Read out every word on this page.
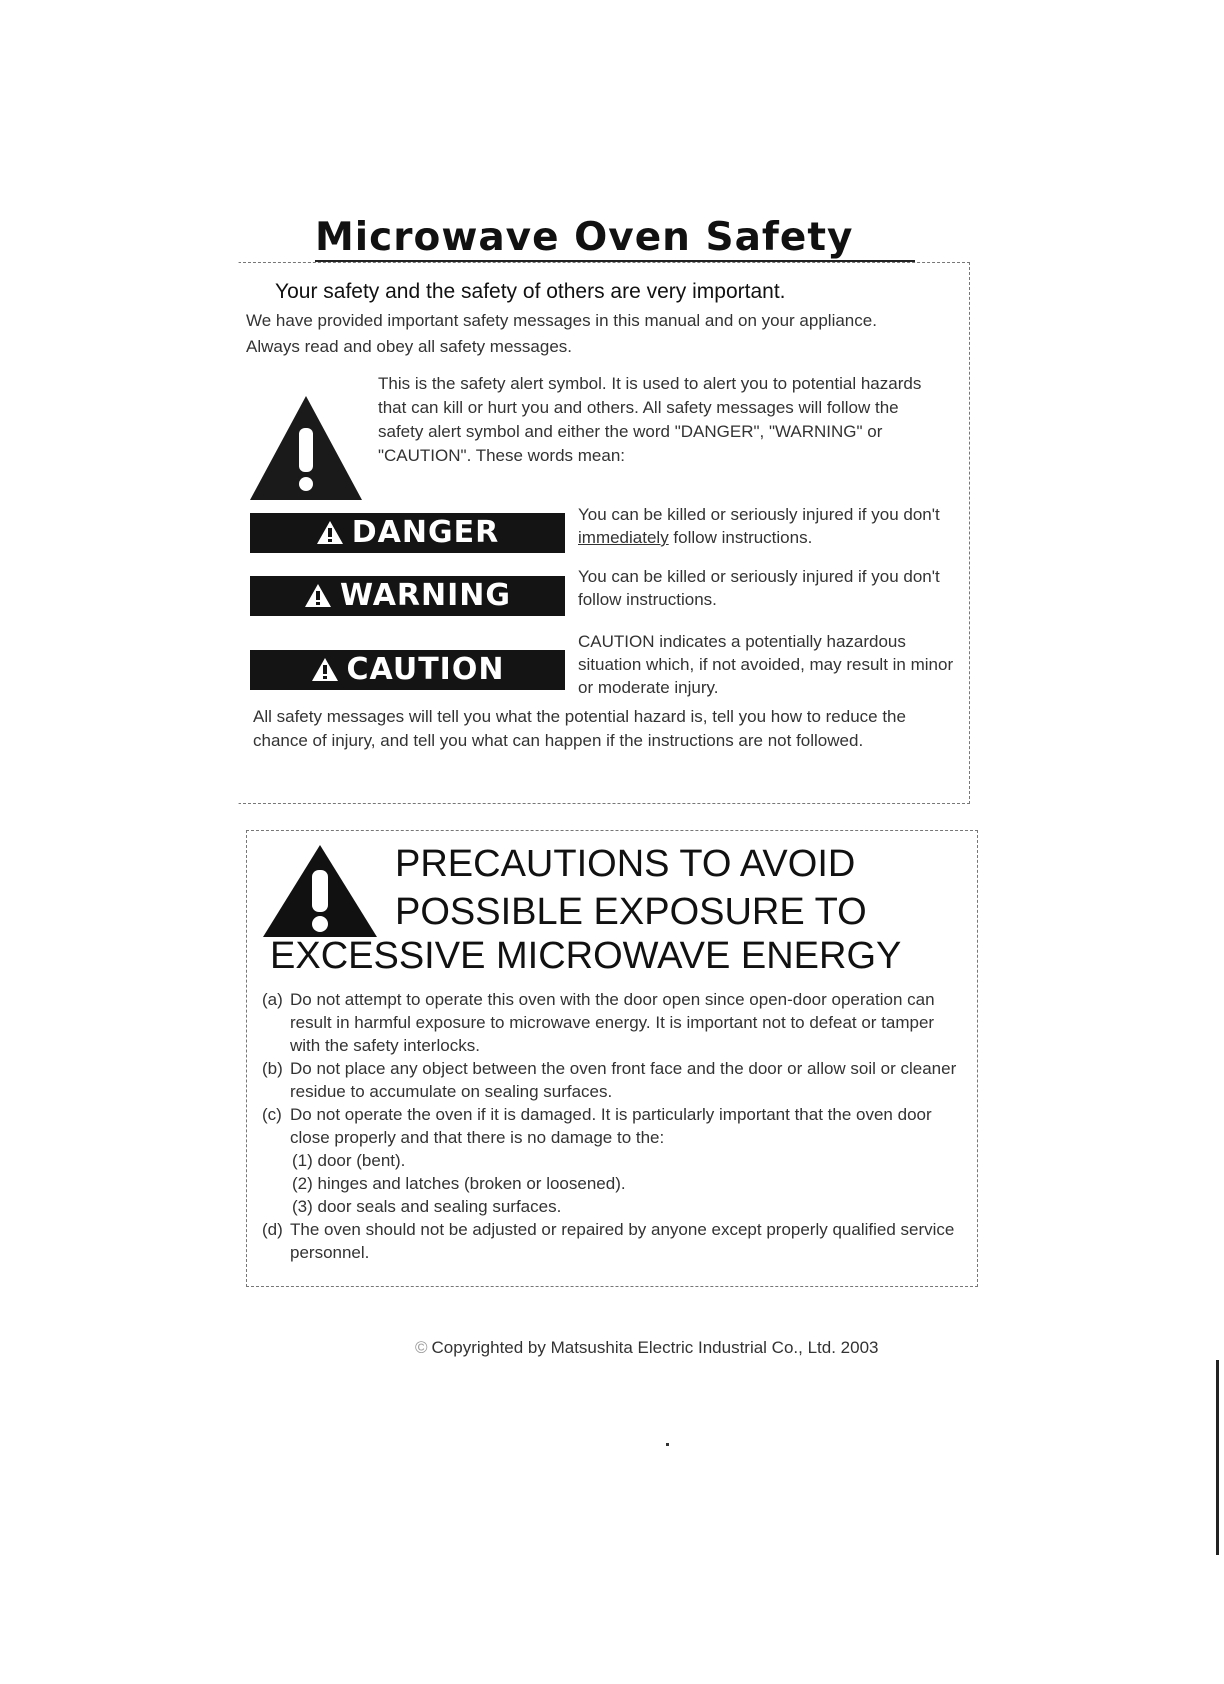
Microwave Oven Safety
Your safety and the safety of others are very important.
We have provided important safety messages in this manual and on your appliance. Always read and obey all safety messages.
This is the safety alert symbol. It is used to alert you to potential hazards that can kill or hurt you and others. All safety messages will follow the safety alert symbol and either the word "DANGER", "WARNING" or "CAUTION". These words mean:
DANGER
You can be killed or seriously injured if you don't immediately follow instructions.
WARNING
You can be killed or seriously injured if you don't follow instructions.
CAUTION
CAUTION indicates a potentially hazardous situation which, if not avoided, may result in minor or moderate injury.
All safety messages will tell you what the potential hazard is, tell you how to reduce the chance of injury, and tell you what can happen if the instructions are not followed.
PRECAUTIONS TO AVOID
POSSIBLE EXPOSURE TO
EXCESSIVE MICROWAVE ENERGY
(a) Do not attempt to operate this oven with the door open since open-door operation can result in harmful exposure to microwave energy. It is important not to defeat or tamper with the safety interlocks.
(b) Do not place any object between the oven front face and the door or allow soil or cleaner residue to accumulate on sealing surfaces.
(c) Do not operate the oven if it is damaged. It is particularly important that the oven door close properly and that there is no damage to the:
(1) door (bent).
(2) hinges and latches (broken or loosened).
(3) door seals and sealing surfaces.
(d) The oven should not be adjusted or repaired by anyone except properly qualified service personnel.
© Copyrighted by Matsushita Electric Industrial Co., Ltd. 2003
